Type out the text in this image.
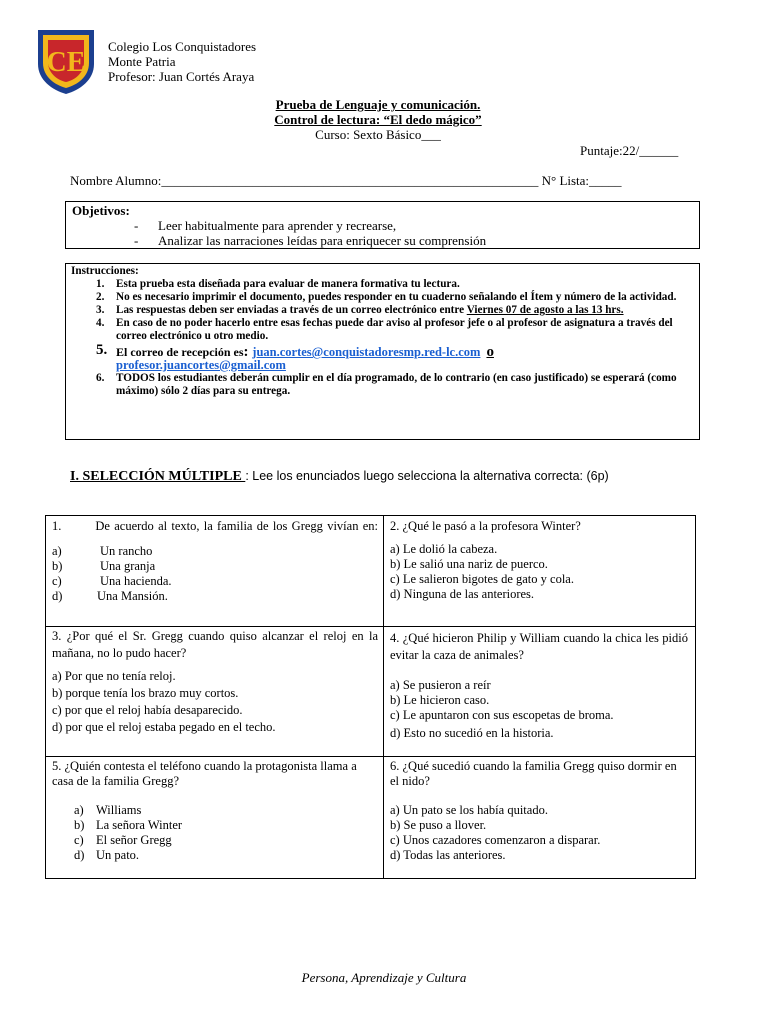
CE
Colegio Los Conquistadores
Monte Patria
Profesor: Juan Cortés Araya
Prueba de Lenguaje y comunicación.
Control de lectura: “El dedo mágico”
Curso: Sexto Básico___
Puntaje:22/______
Nombre Alumno:__________________________________________________________ N° Lista:_____
Objetivos:
- Leer habitualmente para aprender y recrearse,
- Analizar las narraciones leídas para enriquecer su comprensión
Instrucciones:
1. Esta prueba esta diseñada para evaluar de manera formativa tu lectura.
2. No es necesario imprimir el documento, puedes responder en tu cuaderno señalando el Ítem y número de la actividad.
3. Las respuestas deben ser enviadas a través de un correo electrónico entre Viernes 07 de agosto a las 13 hrs.
4. En caso de no poder hacerlo entre esas fechas puede dar aviso al profesor jefe o al profesor de asignatura a través del correo electrónico u otro medio.
5. El correo de recepción es: juan.cortes@conquistadoresmp.red-lc.com o
profesor.juancortes@gmail.com
6. TODOS los estudiantes deberán cumplir en el día programado, de lo contrario (en caso justificado) se esperará (como máximo) sólo 2 días para su entrega.
I. SELECCIÓN MÚLTIPLE : Lee los enunciados luego selecciona la alternativa correcta: (6p)
1.	De acuerdo al texto, la familia de los Gregg vivían en:
a)	Un rancho
b)	Una granja
c)	Una hacienda.
d)	Una Mansión.
2. ¿Qué le pasó a la profesora Winter?
a) Le dolió la cabeza.
b) Le salió una nariz de puerco.
c) Le salieron bigotes de gato y cola.
d) Ninguna de las anteriores.
3. ¿Por qué el Sr. Gregg cuando quiso alcanzar el reloj en la mañana, no lo pudo hacer?
a) Por que no tenía reloj.
b) porque tenía los brazo muy cortos.
c) por que el reloj había desaparecido.
d) por que el reloj estaba pegado en el techo.
4. ¿Qué hicieron Philip y William cuando la chica les pidió evitar la caza de animales?
a) Se pusieron a reír
b) Le hicieron caso.
c) Le apuntaron con sus escopetas de broma.
d) Esto no sucedió en la historia.
5. ¿Quién contesta el teléfono cuando la protagonista llama a casa de la familia Gregg?
a) Williams
b) La señora Winter
c) El señor Gregg
d) Un pato.
6. ¿Qué sucedió cuando la familia Gregg quiso dormir en el nido?
a) Un pato se los había quitado.
b) Se puso a llover.
c) Unos cazadores comenzaron a disparar.
d) Todas las anteriores.
Persona, Aprendizaje y Cultura
